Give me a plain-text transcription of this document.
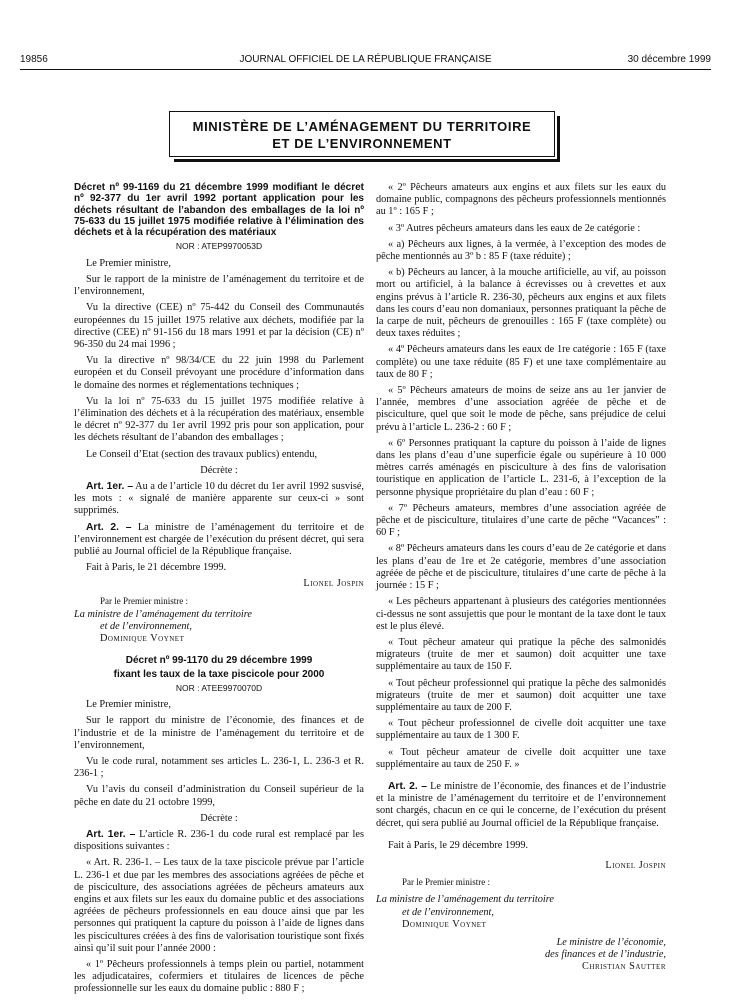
19856	JOURNAL OFFICIEL DE LA RÉPUBLIQUE FRANÇAISE	30 décembre 1999
MINISTÈRE DE L’AMÉNAGEMENT DU TERRITOIRE
ET DE L’ENVIRONNEMENT
Décret nº 99-1169 du 21 décembre 1999 modifiant le décret nº 92-377 du 1er avril 1992 portant application pour les déchets résultant de l’abandon des emballages de la loi nº 75-633 du 15 juillet 1975 modifiée relative à l’élimination des déchets et à la récupération des matériaux
NOR : ATEP9970053D

Le Premier ministre,

Sur le rapport de la ministre de l’aménagement du territoire et de l’environnement,

Vu la directive (CEE) nº 75-442 du Conseil des Communautés européennes du 15 juillet 1975 relative aux déchets, modifiée par la directive (CEE) nº 91-156 du 18 mars 1991 et par la décision (CE) nº 96-350 du 24 mai 1996 ;

Vu la directive nº 98/34/CE du 22 juin 1998 du Parlement européen et du Conseil prévoyant une procédure d’information dans le domaine des normes et réglementations techniques ;

Vu la loi nº 75-633 du 15 juillet 1975 modifiée relative à l’élimination des déchets et à la récupération des matériaux, ensemble le décret nº 92-377 du 1er avril 1992 pris pour son application, pour les déchets résultant de l’abandon des emballages ;

Le Conseil d’Etat (section des travaux publics) entendu,

Décrète :

Art. 1er. – Au a de l’article 10 du décret du 1er avril 1992 susvisé, les mots : « signalé de manière apparente sur ceux-ci » sont supprimés.

Art. 2. – La ministre de l’aménagement du territoire et de l’environnement est chargée de l’exécution du présent décret, qui sera publié au Journal officiel de la République française.

Fait à Paris, le 21 décembre 1999.

Lionel Jospin

Par le Premier ministre :

La ministre de l’aménagement du territoire
et de l’environnement,
Dominique Voynet
Décret nº 99-1170 du 29 décembre 1999
fixant les taux de la taxe piscicole pour 2000
NOR : ATEE9970070D

Le Premier ministre,

Sur le rapport du ministre de l’économie, des finances et de l’industrie et de la ministre de l’aménagement du territoire et de l’environnement,

Vu le code rural, notamment ses articles L. 236-1, L. 236-3 et R. 236-1 ;

Vu l’avis du conseil d’administration du Conseil supérieur de la pêche en date du 21 octobre 1999,

Décrète :

Art. 1er. – L’article R. 236-1 du code rural est remplacé par les dispositions suivantes :

« Art. R. 236-1. – Les taux de la taxe piscicole prévue par l’article L. 236-1 et due par les membres des associations agréées de pêche et de pisciculture, des associations agréées de pêcheurs amateurs aux engins et aux filets sur les eaux du domaine public et des associations agréées de pêcheurs professionnels en eau douce ainsi que par les personnes qui pratiquent la capture du poisson à l’aide de lignes dans les piscicultures créées à des fins de valorisation touristique sont fixés ainsi qu’il suit pour l’année 2000 :

« 1º Pêcheurs professionnels à temps plein ou partiel, notamment les adjudicataires, cofermiers et titulaires de licences de pêche professionnelle sur les eaux du domaine public : 880 F ;

« 2º Pêcheurs amateurs aux engins et aux filets sur les eaux du domaine public, compagnons des pêcheurs professionnels mentionnés au 1º : 165 F ;

« 3º Autres pêcheurs amateurs dans les eaux de 2e catégorie :

« a) Pêcheurs aux lignes, à la vermée, à l’exception des modes de pêche mentionnés au 3º b : 85 F (taxe réduite) ;

« b) Pêcheurs au lancer, à la mouche artificielle, au vif, au poisson mort ou artificiel, à la balance à écrevisses ou à crevettes et aux engins prévus à l’article R. 236-30, pêcheurs aux engins et aux filets dans les cours d’eau non domaniaux, personnes pratiquant la pêche de la carpe de nuit, pêcheurs de grenouilles : 165 F (taxe complète) ou deux taxes réduites ;

« 4º Pêcheurs amateurs dans les eaux de 1re catégorie : 165 F (taxe complète) ou une taxe réduite (85 F) et une taxe complémentaire au taux de 80 F ;

« 5º Pêcheurs amateurs de moins de seize ans au 1er janvier de l’année, membres d’une association agréée de pêche et de pisciculture, quel que soit le mode de pêche, sans préjudice de celui prévu à l’article L. 236-2 : 60 F ;

« 6º Personnes pratiquant la capture du poisson à l’aide de lignes dans les plans d’eau d’une superficie égale ou supérieure à 10 000 mètres carrés aménagés en pisciculture à des fins de valorisation touristique en application de l’article L. 231-6, à l’exception de la personne physique propriétaire du plan d’eau : 60 F ;

« 7º Pêcheurs amateurs, membres d’une association agréée de pêche et de pisciculture, titulaires d’une carte de pêche “Vacances” : 60 F ;

« 8º Pêcheurs amateurs dans les cours d’eau de 2e catégorie et dans les plans d’eau de 1re et 2e catégorie, membres d’une association agréée de pêche et de pisciculture, titulaires d’une carte de pêche à la journée : 15 F ;

« Les pêcheurs appartenant à plusieurs des catégories mentionnées ci-dessus ne sont assujettis que pour le montant de la taxe dont le taux est le plus élevé.

« Tout pêcheur amateur qui pratique la pêche des salmonidés migrateurs (truite de mer et saumon) doit acquitter une taxe supplémentaire au taux de 150 F.

« Tout pêcheur professionnel qui pratique la pêche des salmonidés migrateurs (truite de mer et saumon) doit acquitter une taxe supplémentaire au taux de 200 F.

« Tout pêcheur professionnel de civelle doit acquitter une taxe supplémentaire au taux de 1 300 F.

« Tout pêcheur amateur de civelle doit acquitter une taxe supplémentaire au taux de 250 F. »

Art. 2. – Le ministre de l’économie, des finances et de l’industrie et la ministre de l’aménagement du territoire et de l’environnement sont chargés, chacun en ce qui le concerne, de l’exécution du présent décret, qui sera publié au Journal officiel de la République française.

Fait à Paris, le 29 décembre 1999.

Lionel Jospin

Par le Premier ministre :

La ministre de l’aménagement du territoire
et de l’environnement,
Dominique Voynet
Le ministre de l’économie,
des finances et de l’industrie,
Christian Sautter
